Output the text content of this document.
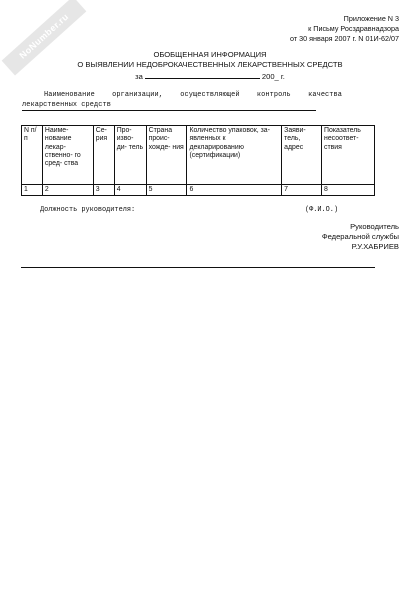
NoNumber.ru	Приложение N 3
к Письму Росздравнадзора
от 30 января 2007 г. N 01И-62/07
ОБОБЩЕННАЯ ИНФОРМАЦИЯ
О ВЫЯВЛЕНИИ НЕДОБРОКАЧЕСТВЕННЫХ ЛЕКАРСТВЕННЫХ СРЕДСТВ
за	200_ г.
Наименование организации, осуществляющей контроль качества лекарственных средств
N п/п	Наиме- нование лекар- ственно- го сред- ства	Се- рия	Про- изво- ди- тель	Страна проис- хожде- ния	Количество упаковок, за- явленных к декларированию (сертификации)	Заяви- тель, адрес	Показатель несоответ- ствия
1	2	3	4	5	6	7	8
Должность руководителя:	(Ф.И.О.)
Руководитель
Федеральной службы
Р.У.ХАБРИЕВ
